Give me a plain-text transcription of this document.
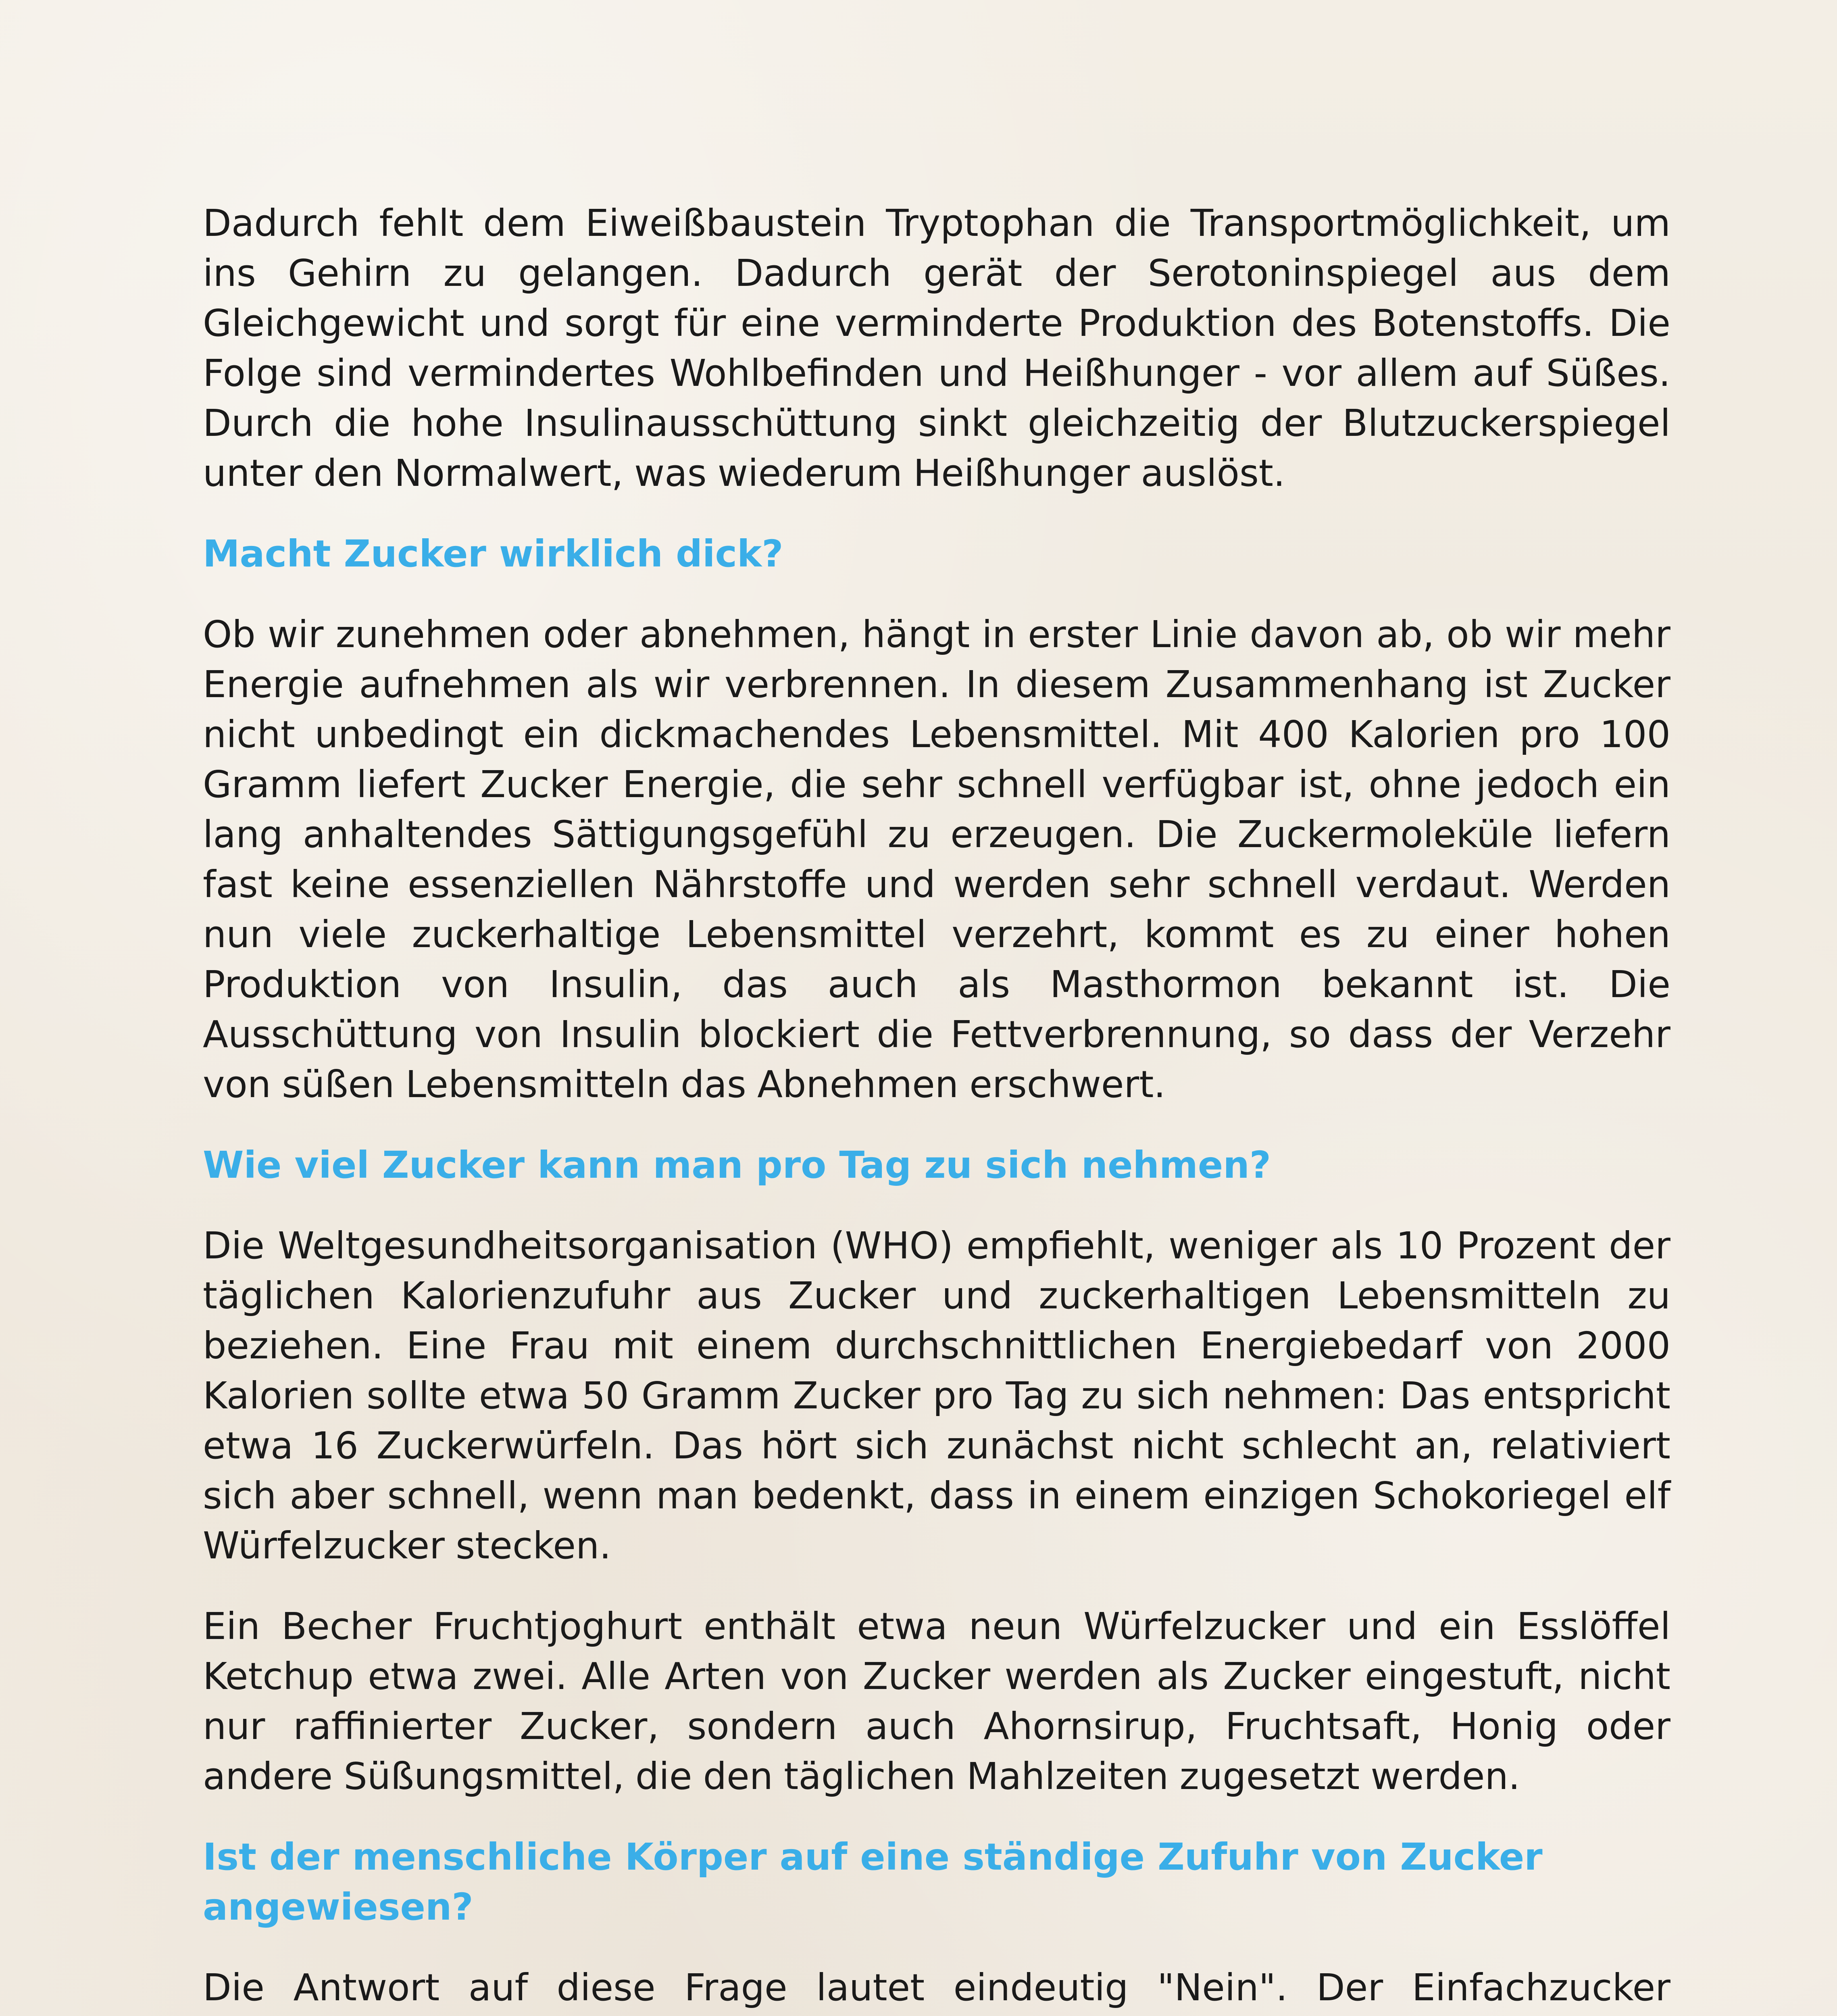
Dadurch fehlt dem Eiweißbaustein Tryptophan die Transportmöglichkeit, um ins Gehirn zu gelangen. Dadurch gerät der Serotoninspiegel aus dem Gleichgewicht und sorgt für eine verminderte Produktion des Botenstoffs. Die Folge sind vermindertes Wohlbefinden und Heißhunger - vor allem auf Süßes. Durch die hohe Insulinausschüttung sinkt gleichzeitig der Blutzuckerspiegel unter den Normalwert, was wiederum Heißhunger auslöst.

Macht Zucker wirklich dick?

Ob wir zunehmen oder abnehmen, hängt in erster Linie davon ab, ob wir mehr Energie aufnehmen als wir verbrennen. In diesem Zusammenhang ist Zucker nicht unbedingt ein dickmachendes Lebensmittel. Mit 400 Kalorien pro 100 Gramm liefert Zucker Energie, die sehr schnell verfügbar ist, ohne jedoch ein lang anhaltendes Sättigungsgefühl zu erzeugen. Die Zuckermoleküle liefern fast keine essenziellen Nährstoffe und werden sehr schnell verdaut. Werden nun viele zuckerhaltige Lebensmittel verzehrt, kommt es zu einer hohen Produktion von Insulin, das auch als Masthormon bekannt ist. Die Ausschüttung von Insulin blockiert die Fettverbrennung, so dass der Verzehr von süßen Lebensmitteln das Abnehmen erschwert.

Wie viel Zucker kann man pro Tag zu sich nehmen?

Die Weltgesundheitsorganisation (WHO) empfiehlt, weniger als 10 Prozent der täglichen Kalorienzufuhr aus Zucker und zuckerhaltigen Lebensmitteln zu beziehen. Eine Frau mit einem durchschnittlichen Energiebedarf von 2000 Kalorien sollte etwa 50 Gramm Zucker pro Tag zu sich nehmen: Das entspricht etwa 16 Zuckerwürfeln. Das hört sich zunächst nicht schlecht an, relativiert sich aber schnell, wenn man bedenkt, dass in einem einzigen Schokoriegel elf Würfelzucker stecken.

Ein Becher Fruchtjoghurt enthält etwa neun Würfelzucker und ein Esslöffel Ketchup etwa zwei. Alle Arten von Zucker werden als Zucker eingestuft, nicht nur raffinierter Zucker, sondern auch Ahornsirup, Fruchtsaft, Honig oder andere Süßungsmittel, die den täglichen Mahlzeiten zugesetzt werden.

Ist der menschliche Körper auf eine ständige Zufuhr von Zucker angewiesen?

Die Antwort auf diese Frage lautet eindeutig "Nein". Der Einfachzucker
